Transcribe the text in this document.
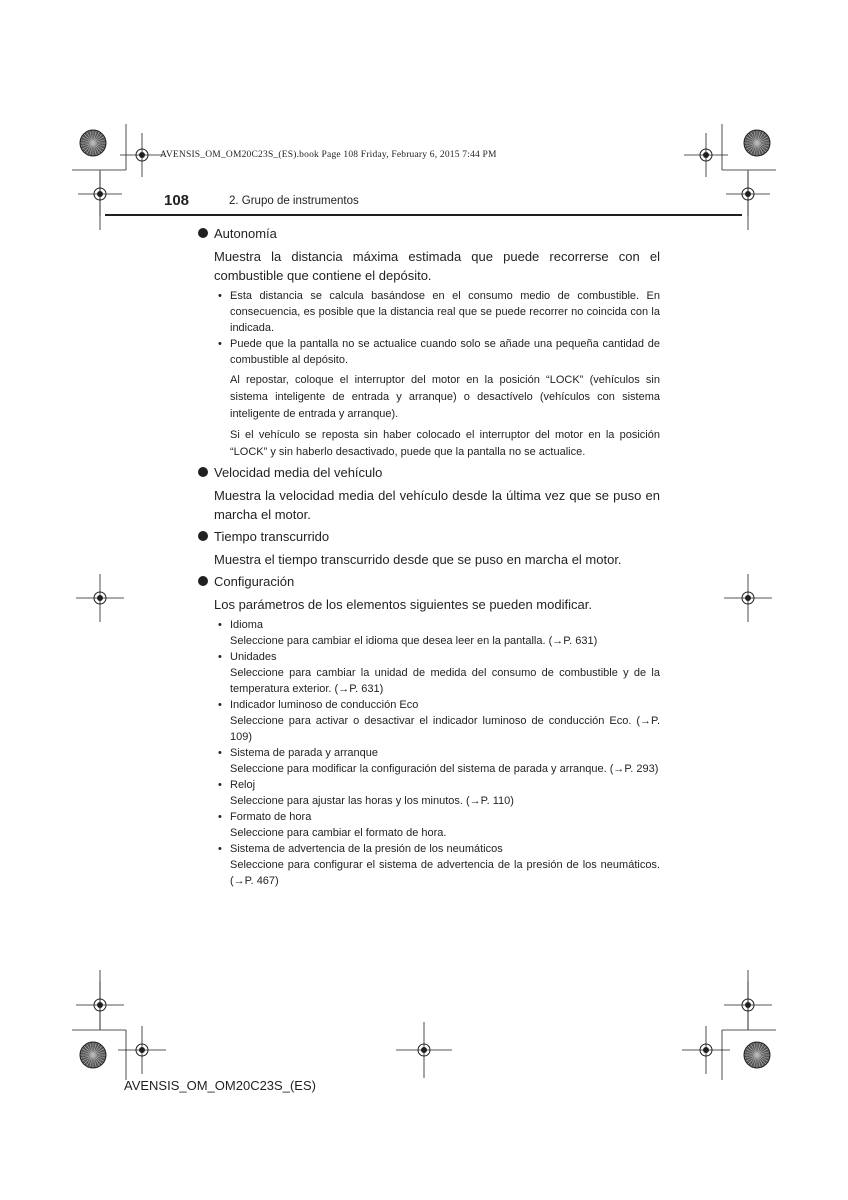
AVENSIS_OM_OM20C23S_(ES).book Page 108 Friday, February 6, 2015 7:44 PM
108	2. Grupo de instrumentos
Autonomía
Muestra la distancia máxima estimada que puede recorrerse con el combustible que contiene el depósito.
• Esta distancia se calcula basándose en el consumo medio de combustible. En consecuencia, es posible que la distancia real que se puede recorrer no coincida con la indicada.
• Puede que la pantalla no se actualice cuando solo se añade una pequeña cantidad de combustible al depósito.
Al repostar, coloque el interruptor del motor en la posición “LOCK” (vehículos sin sistema inteligente de entrada y arranque) o desactívelo (vehículos con sistema inteligente de entrada y arranque).
Si el vehículo se reposta sin haber colocado el interruptor del motor en la posición “LOCK” y sin haberlo desactivado, puede que la pantalla no se actualice.
Velocidad media del vehículo
Muestra la velocidad media del vehículo desde la última vez que se puso en marcha el motor.
Tiempo transcurrido
Muestra el tiempo transcurrido desde que se puso en marcha el motor.
Configuración
Los parámetros de los elementos siguientes se pueden modificar.
• Idioma
Seleccione para cambiar el idioma que desea leer en la pantalla. (→P. 631)
• Unidades
Seleccione para cambiar la unidad de medida del consumo de combustible y de la temperatura exterior. (→P. 631)
• Indicador luminoso de conducción Eco
Seleccione para activar o desactivar el indicador luminoso de conducción Eco. (→P. 109)
• Sistema de parada y arranque
Seleccione para modificar la configuración del sistema de parada y arranque. (→P. 293)
• Reloj
Seleccione para ajustar las horas y los minutos. (→P. 110)
• Formato de hora
Seleccione para cambiar el formato de hora.
• Sistema de advertencia de la presión de los neumáticos
Seleccione para configurar el sistema de advertencia de la presión de los neumáticos. (→P. 467)
AVENSIS_OM_OM20C23S_(ES)
